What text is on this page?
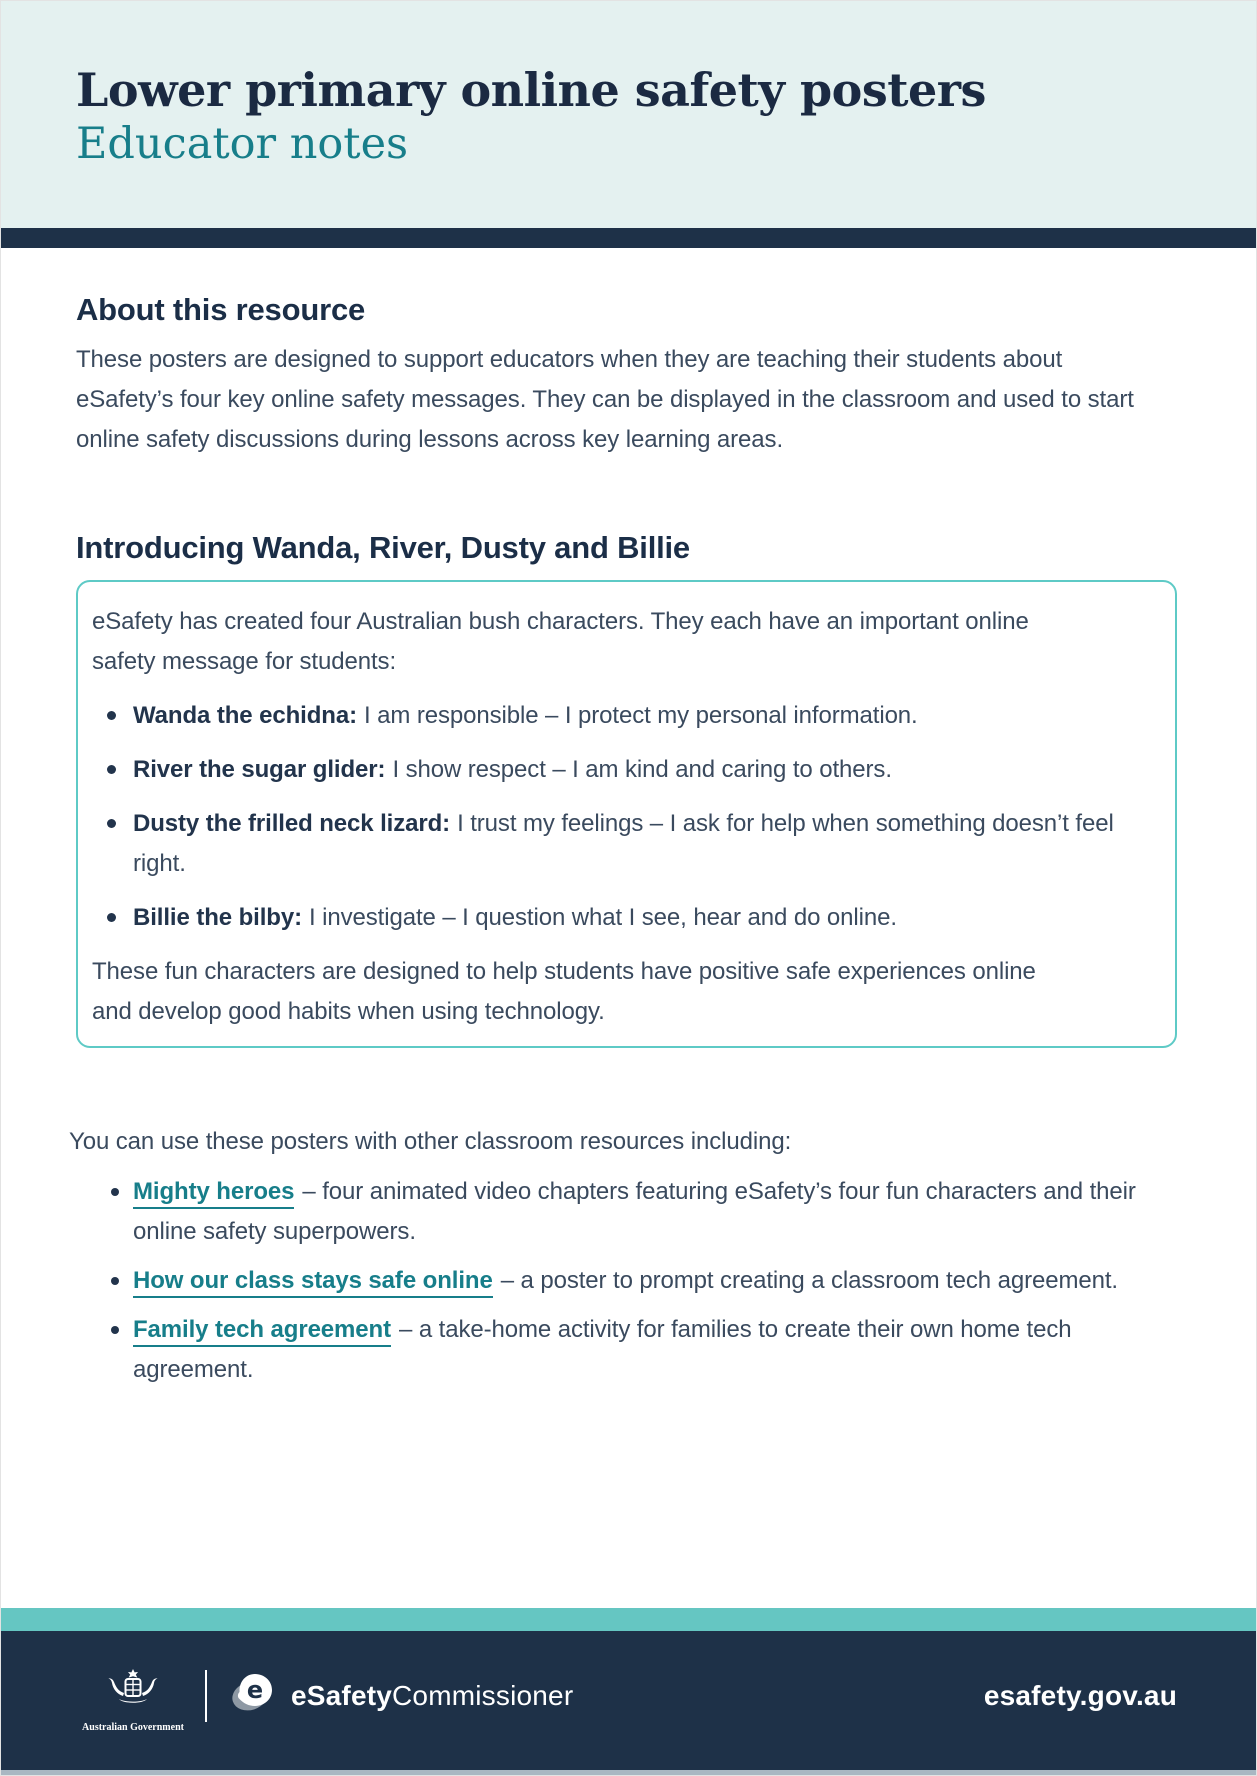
Lower primary online safety posters
Educator notes
About this resource

These posters are designed to support educators when they are teaching their students about eSafety’s four key online safety messages. They can be displayed in the classroom and used to start online safety discussions during lessons across key learning areas.

Introducing Wanda, River, Dusty and Billie

eSafety has created four Australian bush characters. They each have an important online safety message for students:

Wanda the echidna: I am responsible – I protect my personal information.
River the sugar glider: I show respect – I am kind and caring to others.
Dusty the frilled neck lizard: I trust my feelings – I ask for help when something doesn’t feel right.
Billie the bilby: I investigate – I question what I see, hear and do online.

These fun characters are designed to help students have positive safe experiences online and develop good habits when using technology.

You can use these posters with other classroom resources including:

Mighty heroes – four animated video chapters featuring eSafety’s four fun characters and their online safety superpowers.
How our class stays safe online – a poster to prompt creating a classroom tech agreement.
Family tech agreement – a take-home activity for families to create their own home tech agreement.
Australian Government
e eSafetyCommissioner	esafety.gov.au
